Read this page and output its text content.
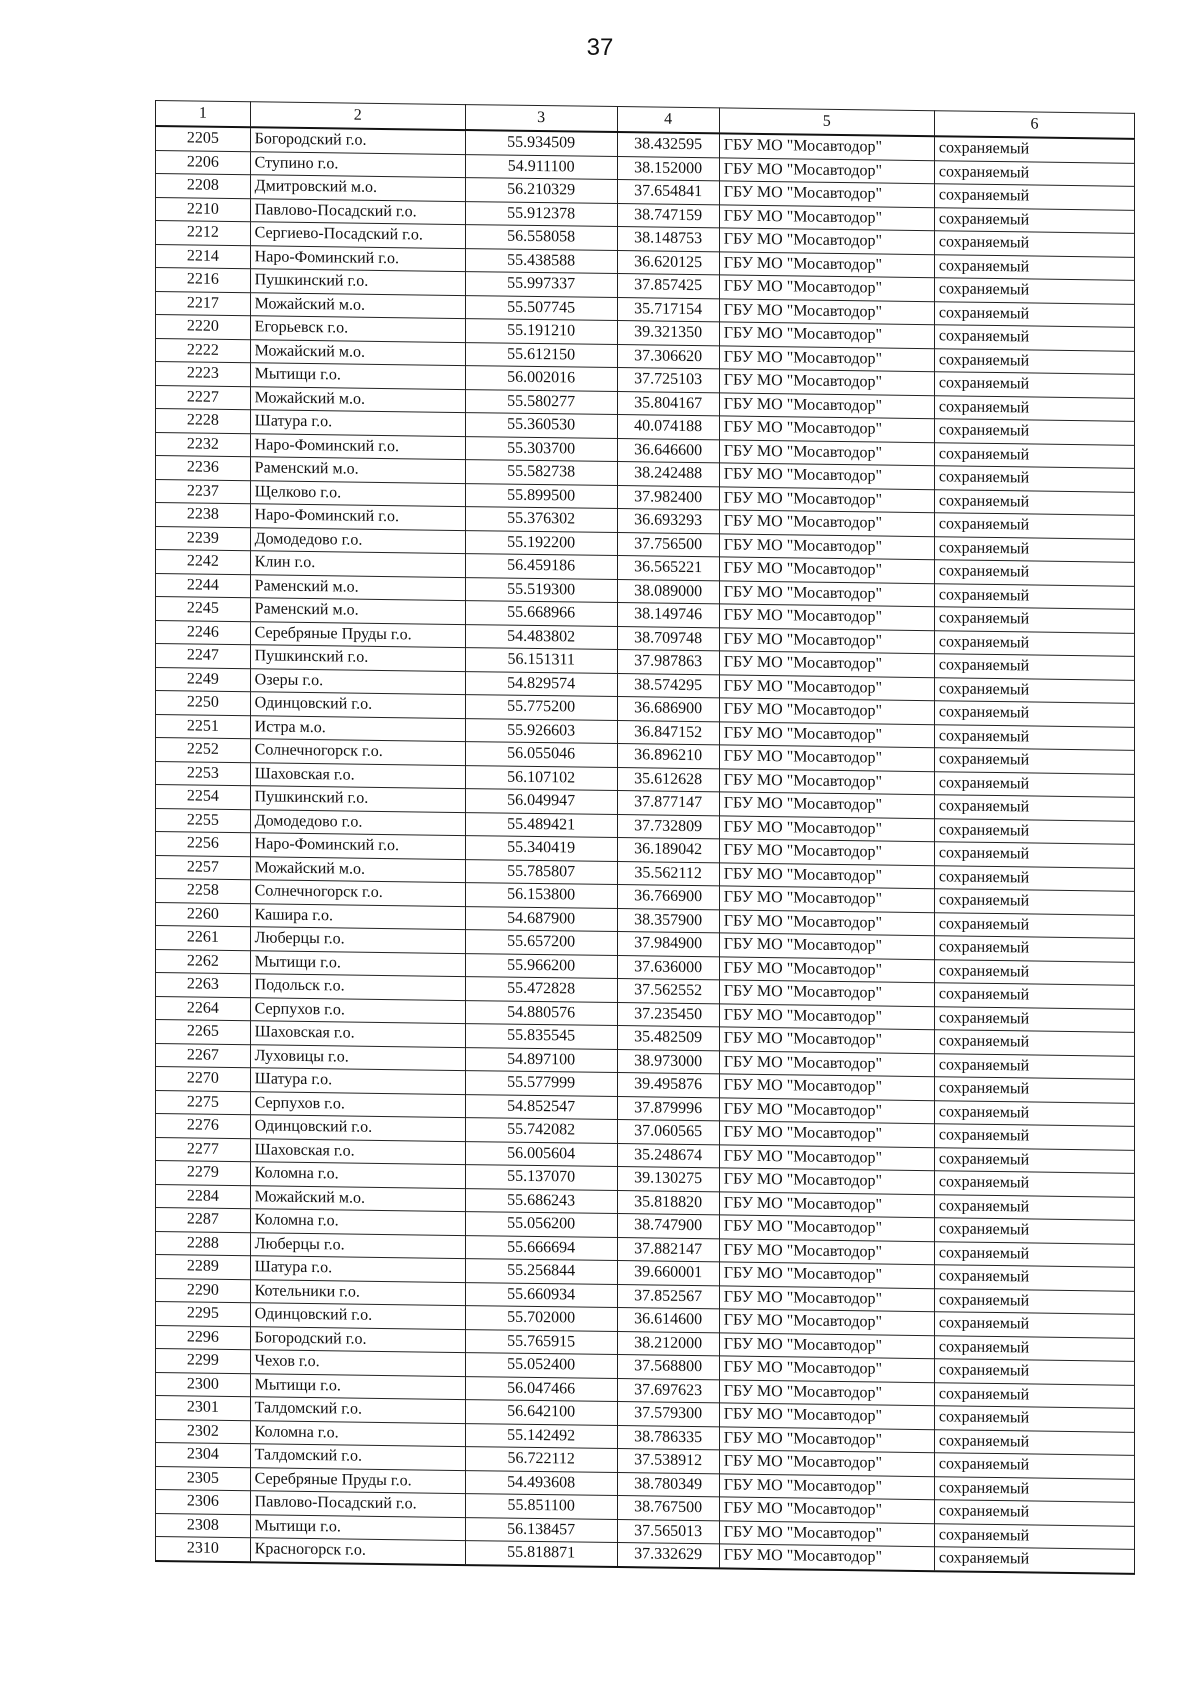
37
1	2	3	4	5	6
2205	Богородский г.о.	55.934509	38.432595	ГБУ МО "Мосавтодор"	сохраняемый
2206	Ступино г.о.	54.911100	38.152000	ГБУ МО "Мосавтодор"	сохраняемый
2208	Дмитровский м.о.	56.210329	37.654841	ГБУ МО "Мосавтодор"	сохраняемый
2210	Павлово-Посадский г.о.	55.912378	38.747159	ГБУ МО "Мосавтодор"	сохраняемый
2212	Сергиево-Посадский г.о.	56.558058	38.148753	ГБУ МО "Мосавтодор"	сохраняемый
2214	Наро-Фоминский г.о.	55.438588	36.620125	ГБУ МО "Мосавтодор"	сохраняемый
2216	Пушкинский г.о.	55.997337	37.857425	ГБУ МО "Мосавтодор"	сохраняемый
2217	Можайский м.о.	55.507745	35.717154	ГБУ МО "Мосавтодор"	сохраняемый
2220	Егорьевск г.о.	55.191210	39.321350	ГБУ МО "Мосавтодор"	сохраняемый
2222	Можайский м.о.	55.612150	37.306620	ГБУ МО "Мосавтодор"	сохраняемый
2223	Мытищи г.о.	56.002016	37.725103	ГБУ МО "Мосавтодор"	сохраняемый
2227	Можайский м.о.	55.580277	35.804167	ГБУ МО "Мосавтодор"	сохраняемый
2228	Шатура г.о.	55.360530	40.074188	ГБУ МО "Мосавтодор"	сохраняемый
2232	Наро-Фоминский г.о.	55.303700	36.646600	ГБУ МО "Мосавтодор"	сохраняемый
2236	Раменский м.о.	55.582738	38.242488	ГБУ МО "Мосавтодор"	сохраняемый
2237	Щелково г.о.	55.899500	37.982400	ГБУ МО "Мосавтодор"	сохраняемый
2238	Наро-Фоминский г.о.	55.376302	36.693293	ГБУ МО "Мосавтодор"	сохраняемый
2239	Домодедово г.о.	55.192200	37.756500	ГБУ МО "Мосавтодор"	сохраняемый
2242	Клин г.о.	56.459186	36.565221	ГБУ МО "Мосавтодор"	сохраняемый
2244	Раменский м.о.	55.519300	38.089000	ГБУ МО "Мосавтодор"	сохраняемый
2245	Раменский м.о.	55.668966	38.149746	ГБУ МО "Мосавтодор"	сохраняемый
2246	Серебряные Пруды г.о.	54.483802	38.709748	ГБУ МО "Мосавтодор"	сохраняемый
2247	Пушкинский г.о.	56.151311	37.987863	ГБУ МО "Мосавтодор"	сохраняемый
2249	Озеры г.о.	54.829574	38.574295	ГБУ МО "Мосавтодор"	сохраняемый
2250	Одинцовский г.о.	55.775200	36.686900	ГБУ МО "Мосавтодор"	сохраняемый
2251	Истра м.о.	55.926603	36.847152	ГБУ МО "Мосавтодор"	сохраняемый
2252	Солнечногорск г.о.	56.055046	36.896210	ГБУ МО "Мосавтодор"	сохраняемый
2253	Шаховская г.о.	56.107102	35.612628	ГБУ МО "Мосавтодор"	сохраняемый
2254	Пушкинский г.о.	56.049947	37.877147	ГБУ МО "Мосавтодор"	сохраняемый
2255	Домодедово г.о.	55.489421	37.732809	ГБУ МО "Мосавтодор"	сохраняемый
2256	Наро-Фоминский г.о.	55.340419	36.189042	ГБУ МО "Мосавтодор"	сохраняемый
2257	Можайский м.о.	55.785807	35.562112	ГБУ МО "Мосавтодор"	сохраняемый
2258	Солнечногорск г.о.	56.153800	36.766900	ГБУ МО "Мосавтодор"	сохраняемый
2260	Кашира г.о.	54.687900	38.357900	ГБУ МО "Мосавтодор"	сохраняемый
2261	Люберцы г.о.	55.657200	37.984900	ГБУ МО "Мосавтодор"	сохраняемый
2262	Мытищи г.о.	55.966200	37.636000	ГБУ МО "Мосавтодор"	сохраняемый
2263	Подольск г.о.	55.472828	37.562552	ГБУ МО "Мосавтодор"	сохраняемый
2264	Серпухов г.о.	54.880576	37.235450	ГБУ МО "Мосавтодор"	сохраняемый
2265	Шаховская г.о.	55.835545	35.482509	ГБУ МО "Мосавтодор"	сохраняемый
2267	Луховицы г.о.	54.897100	38.973000	ГБУ МО "Мосавтодор"	сохраняемый
2270	Шатура г.о.	55.577999	39.495876	ГБУ МО "Мосавтодор"	сохраняемый
2275	Серпухов г.о.	54.852547	37.879996	ГБУ МО "Мосавтодор"	сохраняемый
2276	Одинцовский г.о.	55.742082	37.060565	ГБУ МО "Мосавтодор"	сохраняемый
2277	Шаховская г.о.	56.005604	35.248674	ГБУ МО "Мосавтодор"	сохраняемый
2279	Коломна г.о.	55.137070	39.130275	ГБУ МО "Мосавтодор"	сохраняемый
2284	Можайский м.о.	55.686243	35.818820	ГБУ МО "Мосавтодор"	сохраняемый
2287	Коломна г.о.	55.056200	38.747900	ГБУ МО "Мосавтодор"	сохраняемый
2288	Люберцы г.о.	55.666694	37.882147	ГБУ МО "Мосавтодор"	сохраняемый
2289	Шатура г.о.	55.256844	39.660001	ГБУ МО "Мосавтодор"	сохраняемый
2290	Котельники г.о.	55.660934	37.852567	ГБУ МО "Мосавтодор"	сохраняемый
2295	Одинцовский г.о.	55.702000	36.614600	ГБУ МО "Мосавтодор"	сохраняемый
2296	Богородский г.о.	55.765915	38.212000	ГБУ МО "Мосавтодор"	сохраняемый
2299	Чехов г.о.	55.052400	37.568800	ГБУ МО "Мосавтодор"	сохраняемый
2300	Мытищи г.о.	56.047466	37.697623	ГБУ МО "Мосавтодор"	сохраняемый
2301	Талдомский г.о.	56.642100	37.579300	ГБУ МО "Мосавтодор"	сохраняемый
2302	Коломна г.о.	55.142492	38.786335	ГБУ МО "Мосавтодор"	сохраняемый
2304	Талдомский г.о.	56.722112	37.538912	ГБУ МО "Мосавтодор"	сохраняемый
2305	Серебряные Пруды г.о.	54.493608	38.780349	ГБУ МО "Мосавтодор"	сохраняемый
2306	Павлово-Посадский г.о.	55.851100	38.767500	ГБУ МО "Мосавтодор"	сохраняемый
2308	Мытищи г.о.	56.138457	37.565013	ГБУ МО "Мосавтодор"	сохраняемый
2310	Красногорск г.о.	55.818871	37.332629	ГБУ МО "Мосавтодор"	сохраняемый
